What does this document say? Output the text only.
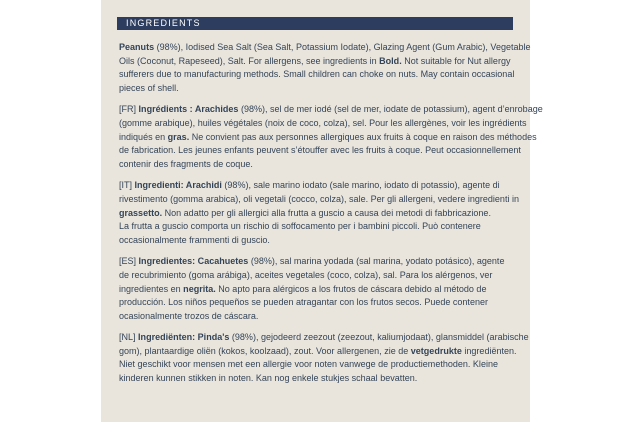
INGREDIENTS

Peanuts (98%), Iodised Sea Salt (Sea Salt, Potassium Iodate), Glazing Agent (Gum Arabic), Vegetable
Oils (Coconut, Rapeseed), Salt. For allergens, see ingredients in Bold. Not suitable for Nut allergy
sufferers due to manufacturing methods. Small children can choke on nuts. May contain occasional
pieces of shell.

[FR] Ingrédients : Arachides (98%), sel de mer iodé (sel de mer, iodate de potassium), agent d’enrobage
(gomme arabique), huiles végétales (noix de coco, colza), sel. Pour les allergènes, voir les ingrédients
indiqués en gras. Ne convient pas aux personnes allergiques aux fruits à coque en raison des méthodes
de fabrication. Les jeunes enfants peuvent s’étouffer avec les fruits à coque. Peut occasionnellement
contenir des fragments de coque.

[IT] Ingredienti: Arachidi (98%), sale marino iodato (sale marino, iodato di potassio), agente di
rivestimento (gomma arabica), oli vegetali (cocco, colza), sale. Per gli allergeni, vedere ingredienti in
grassetto. Non adatto per gli allergici alla frutta a guscio a causa dei metodi di fabbricazione.
La frutta a guscio comporta un rischio di soffocamento per i bambini piccoli. Può contenere
occasionalmente frammenti di guscio.

[ES] Ingredientes: Cacahuetes (98%), sal marina yodada (sal marina, yodato potásico), agente
de recubrimiento (goma arábiga), aceites vegetales (coco, colza), sal. Para los alérgenos, ver
ingredientes en negrita. No apto para alérgicos a los frutos de cáscara debido al método de
producción. Los niños pequeños se pueden atragantar con los frutos secos. Puede contener
ocasionalmente trozos de cáscara.

[NL] Ingrediënten: Pinda's (98%), gejodeerd zeezout (zeezout, kaliumjodaat), glansmiddel (arabische
gom), plantaardige oliën (kokos, koolzaad), zout. Voor allergenen, zie de vetgedrukte ingrediënten.
Niet geschikt voor mensen met een allergie voor noten vanwege de productiemethoden. Kleine
kinderen kunnen stikken in noten. Kan nog enkele stukjes schaal bevatten.
